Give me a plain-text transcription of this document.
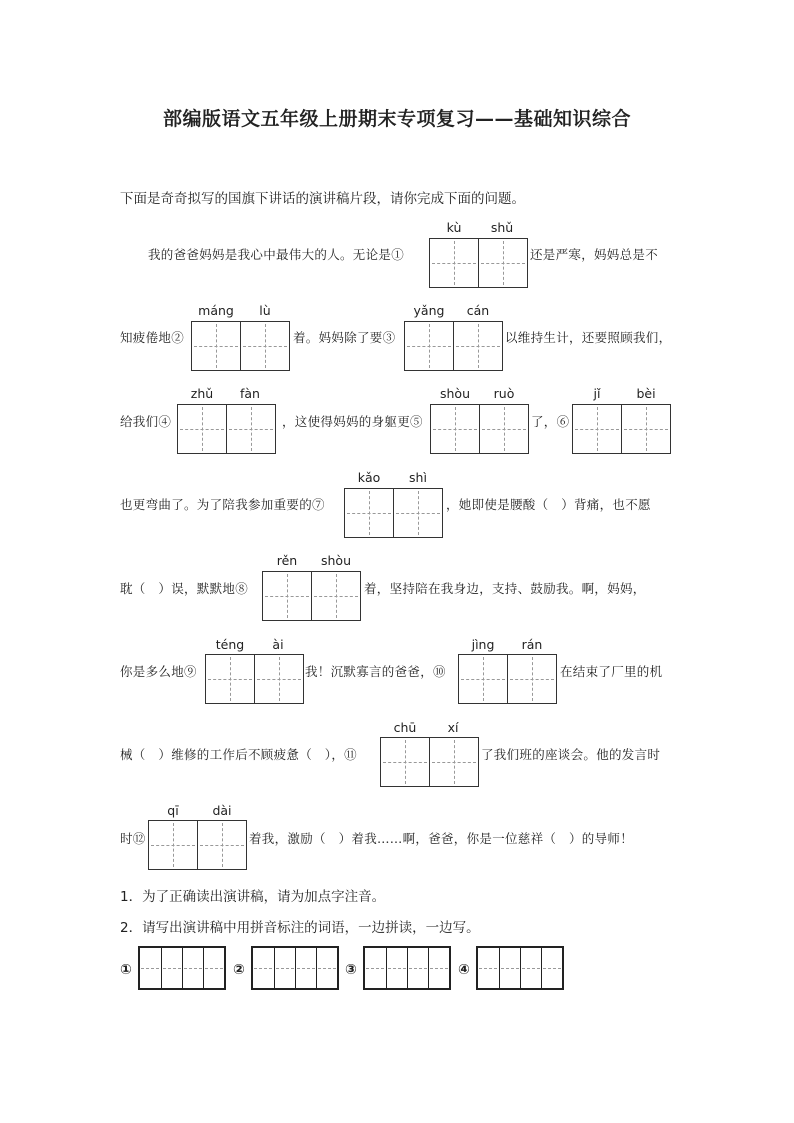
部编版语文五年级上册期末专项复习——基础知识综合

下面是奇奇拟写的国旗下讲话的演讲稿片段，请你完成下面的问题。

我的爸爸妈妈是我心中最伟大的人。无论是①
kù	shǔ
还是严寒，妈妈总是不
知疲倦地②
máng	lù
着。妈妈除了要③
yǎng	cán
以维持生计，还要照顾我们，
给我们④
zhǔ	fàn
，这使得妈妈的身躯更⑤
shòu	ruò
了，⑥
jǐ	bèi
也更弯曲了。为了陪我参加重要的⑦
kǎo	shì
，她即使是腰酸（　）背痛，也不愿
耽（　）误，默默地⑧
rěn	shòu
着，坚持陪在我身边，支持、鼓励我。啊，妈妈，
你是多么地⑨
téng	ài
我！沉默寡言的爸爸，⑩
jìng	rán
在结束了厂里的机
械（　）维修的工作后不顾疲惫（　），⑪
chū	xí
了我们班的座谈会。他的发言时
时⑫
qī	dài
着我，激励（　）着我……啊，爸爸，你是一位慈祥（　）的导师！

1．为了正确读出演讲稿，请为加点字注音。

2．请写出演讲稿中用拼音标注的词语，一边拼读，一边写。

①	②	③	④
